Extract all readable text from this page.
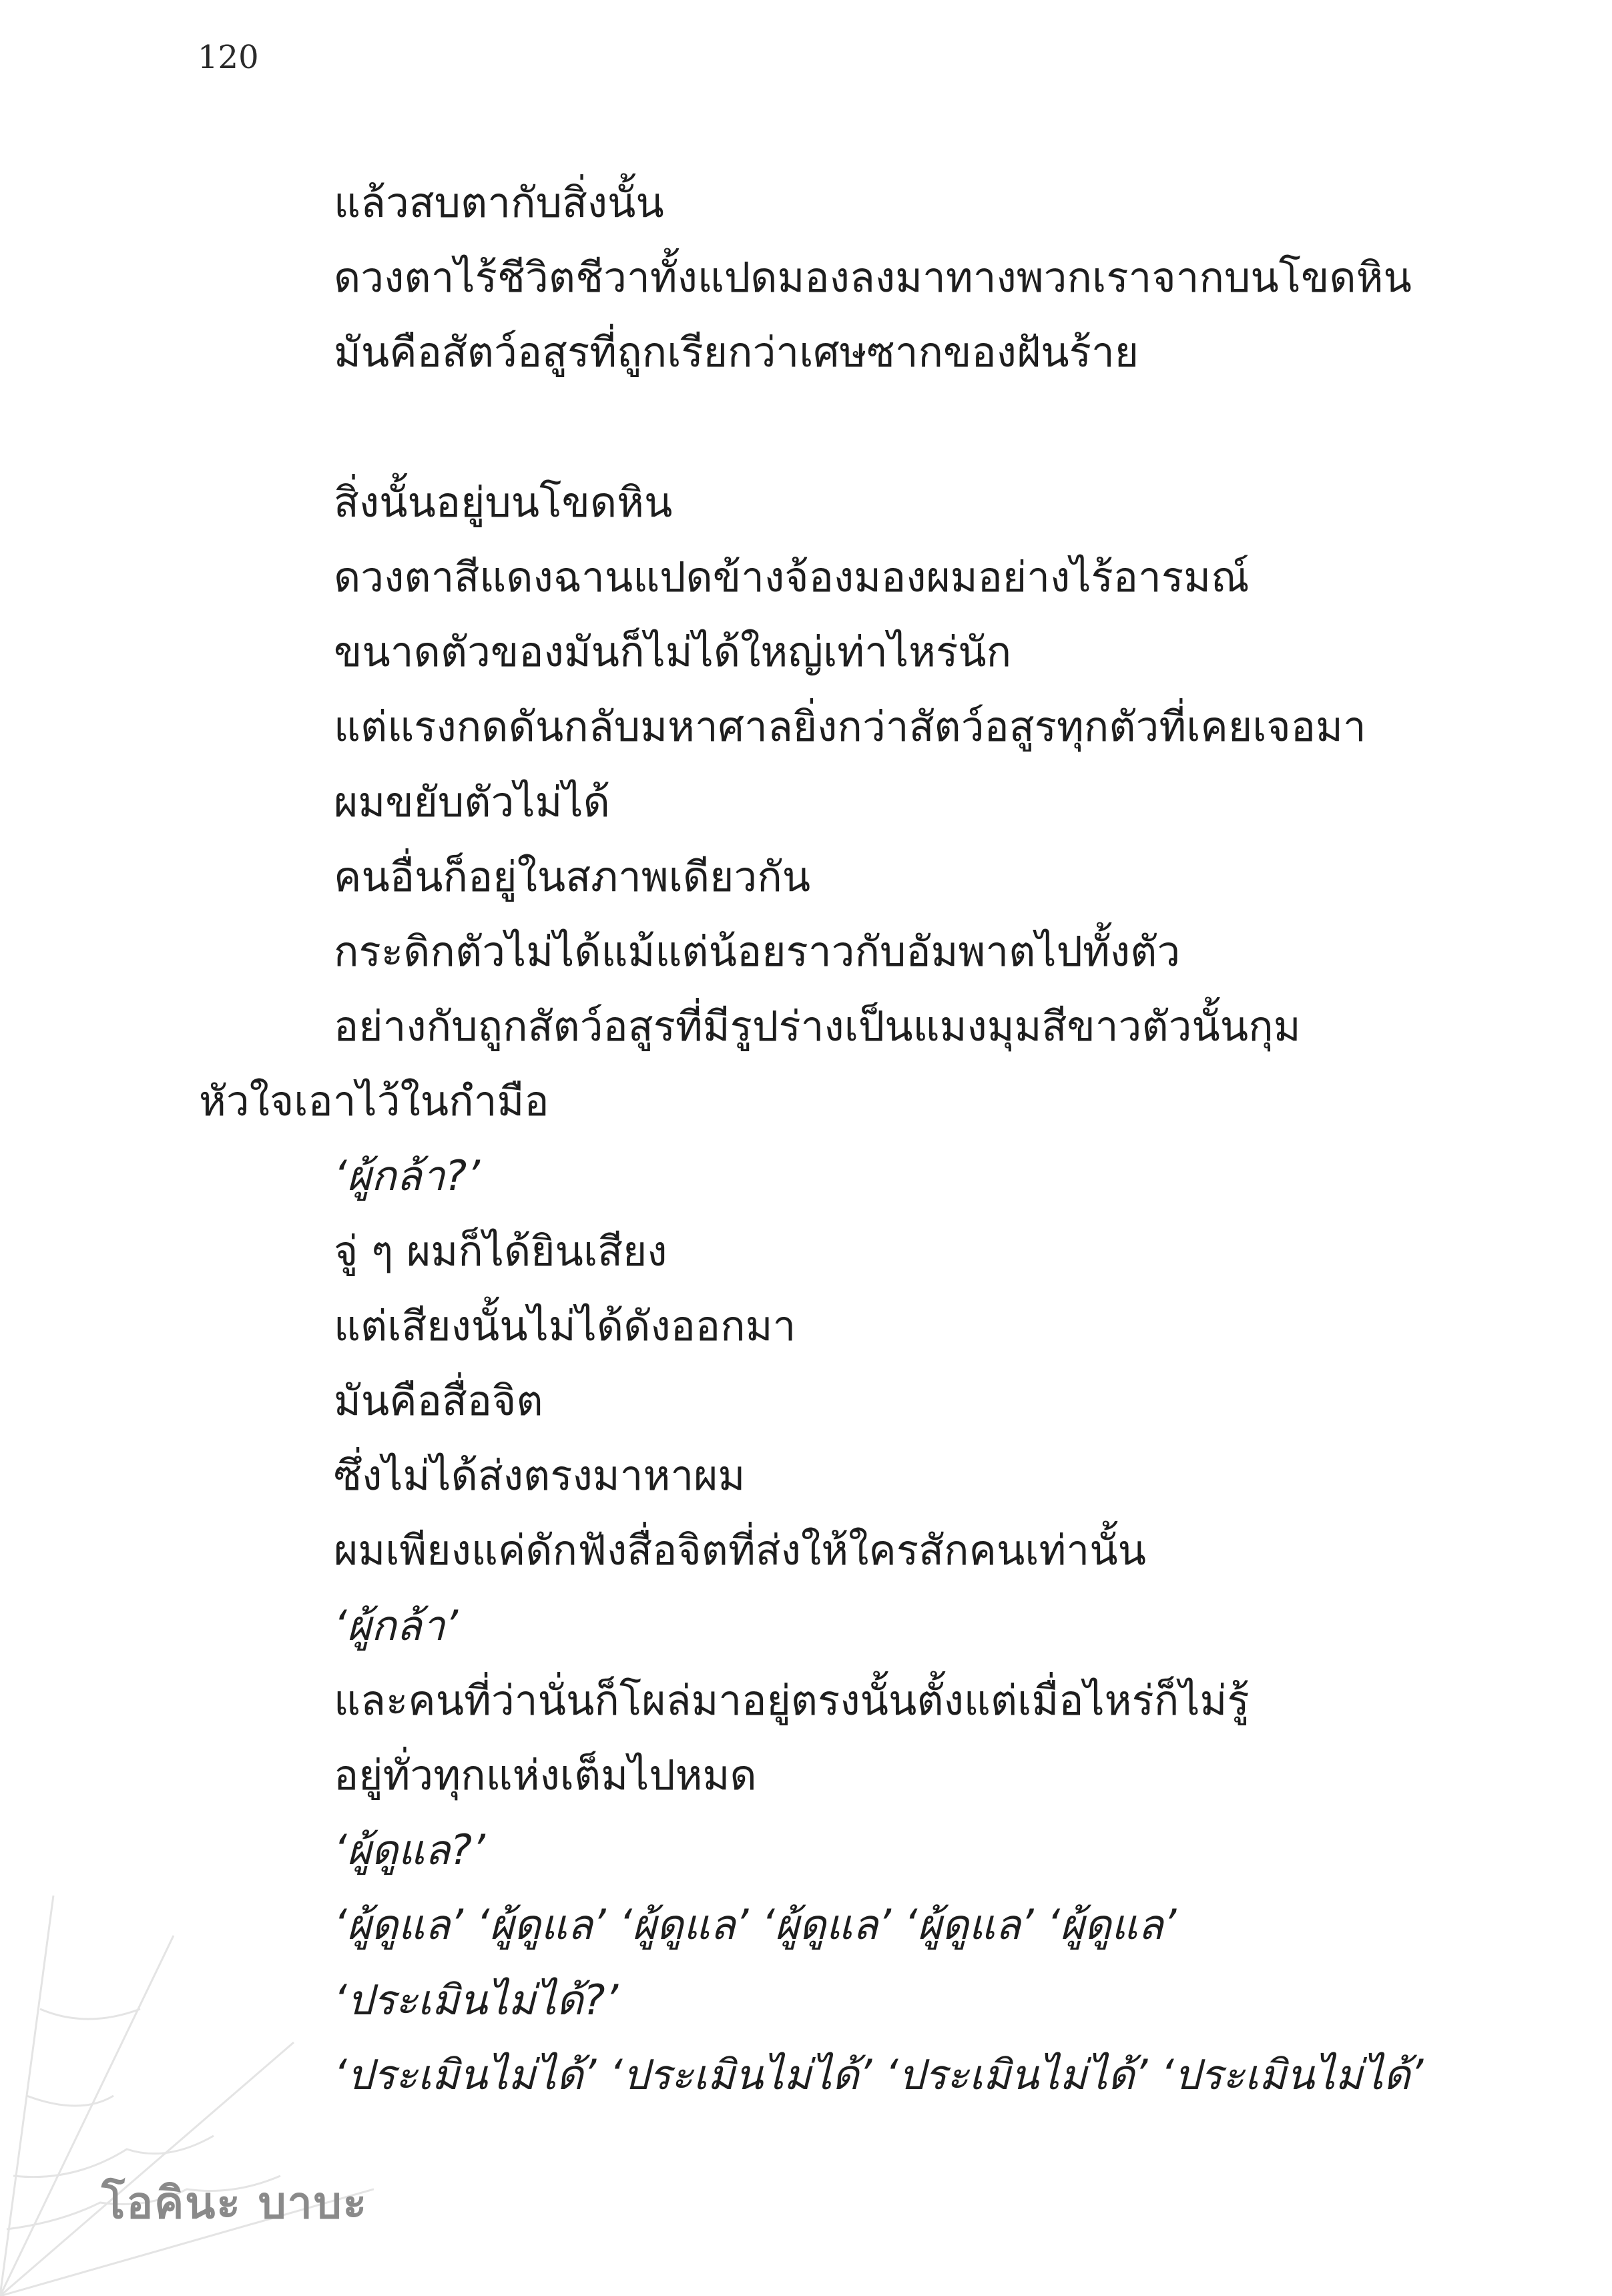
120
แล้วสบตากับสิ่งนั้น
ดวงตาไร้ชีวิตชีวาทั้งแปดมองลงมาทางพวกเราจากบนโขดหิน
มันคือสัตว์อสูรที่ถูกเรียกว่าเศษซากของฝันร้าย
สิ่งนั้นอยู่บนโขดหิน
ดวงตาสีแดงฉานแปดข้างจ้องมองผมอย่างไร้อารมณ์
ขนาดตัวของมันก็ไม่ได้ใหญ่เท่าไหร่นัก
แต่แรงกดดันกลับมหาศาลยิ่งกว่าสัตว์อสูรทุกตัวที่เคยเจอมา
ผมขยับตัวไม่ได้
คนอื่นก็อยู่ในสภาพเดียวกัน
กระดิกตัวไม่ได้แม้แต่น้อยราวกับอัมพาตไปทั้งตัว
อย่างกับถูกสัตว์อสูรที่มีรูปร่างเป็นแมงมุมสีขาวตัวนั้นกุม
หัวใจเอาไว้ในกำมือ
‘ผู้กล้า?’
จู่ ๆ ผมก็ได้ยินเสียง
แต่เสียงนั้นไม่ได้ดังออกมา
มันคือสื่อจิต
ซึ่งไม่ได้ส่งตรงมาหาผม
ผมเพียงแค่ดักฟังสื่อจิตที่ส่งให้ใครสักคนเท่านั้น
‘ผู้กล้า’
และคนที่ว่านั่นก็โผล่มาอยู่ตรงนั้นตั้งแต่เมื่อไหร่ก็ไม่รู้
อยู่ทั่วทุกแห่งเต็มไปหมด
‘ผู้ดูแล?’
‘ผู้ดูแล’ ‘ผู้ดูแล’ ‘ผู้ดูแล’ ‘ผู้ดูแล’ ‘ผู้ดูแล’ ‘ผู้ดูแล’
‘ประเมินไม่ได้?’
‘ประเมินไม่ได้’ ‘ประเมินไม่ได้’ ‘ประเมินไม่ได้’ ‘ประเมินไม่ได้’
โอคินะ บาบะ
